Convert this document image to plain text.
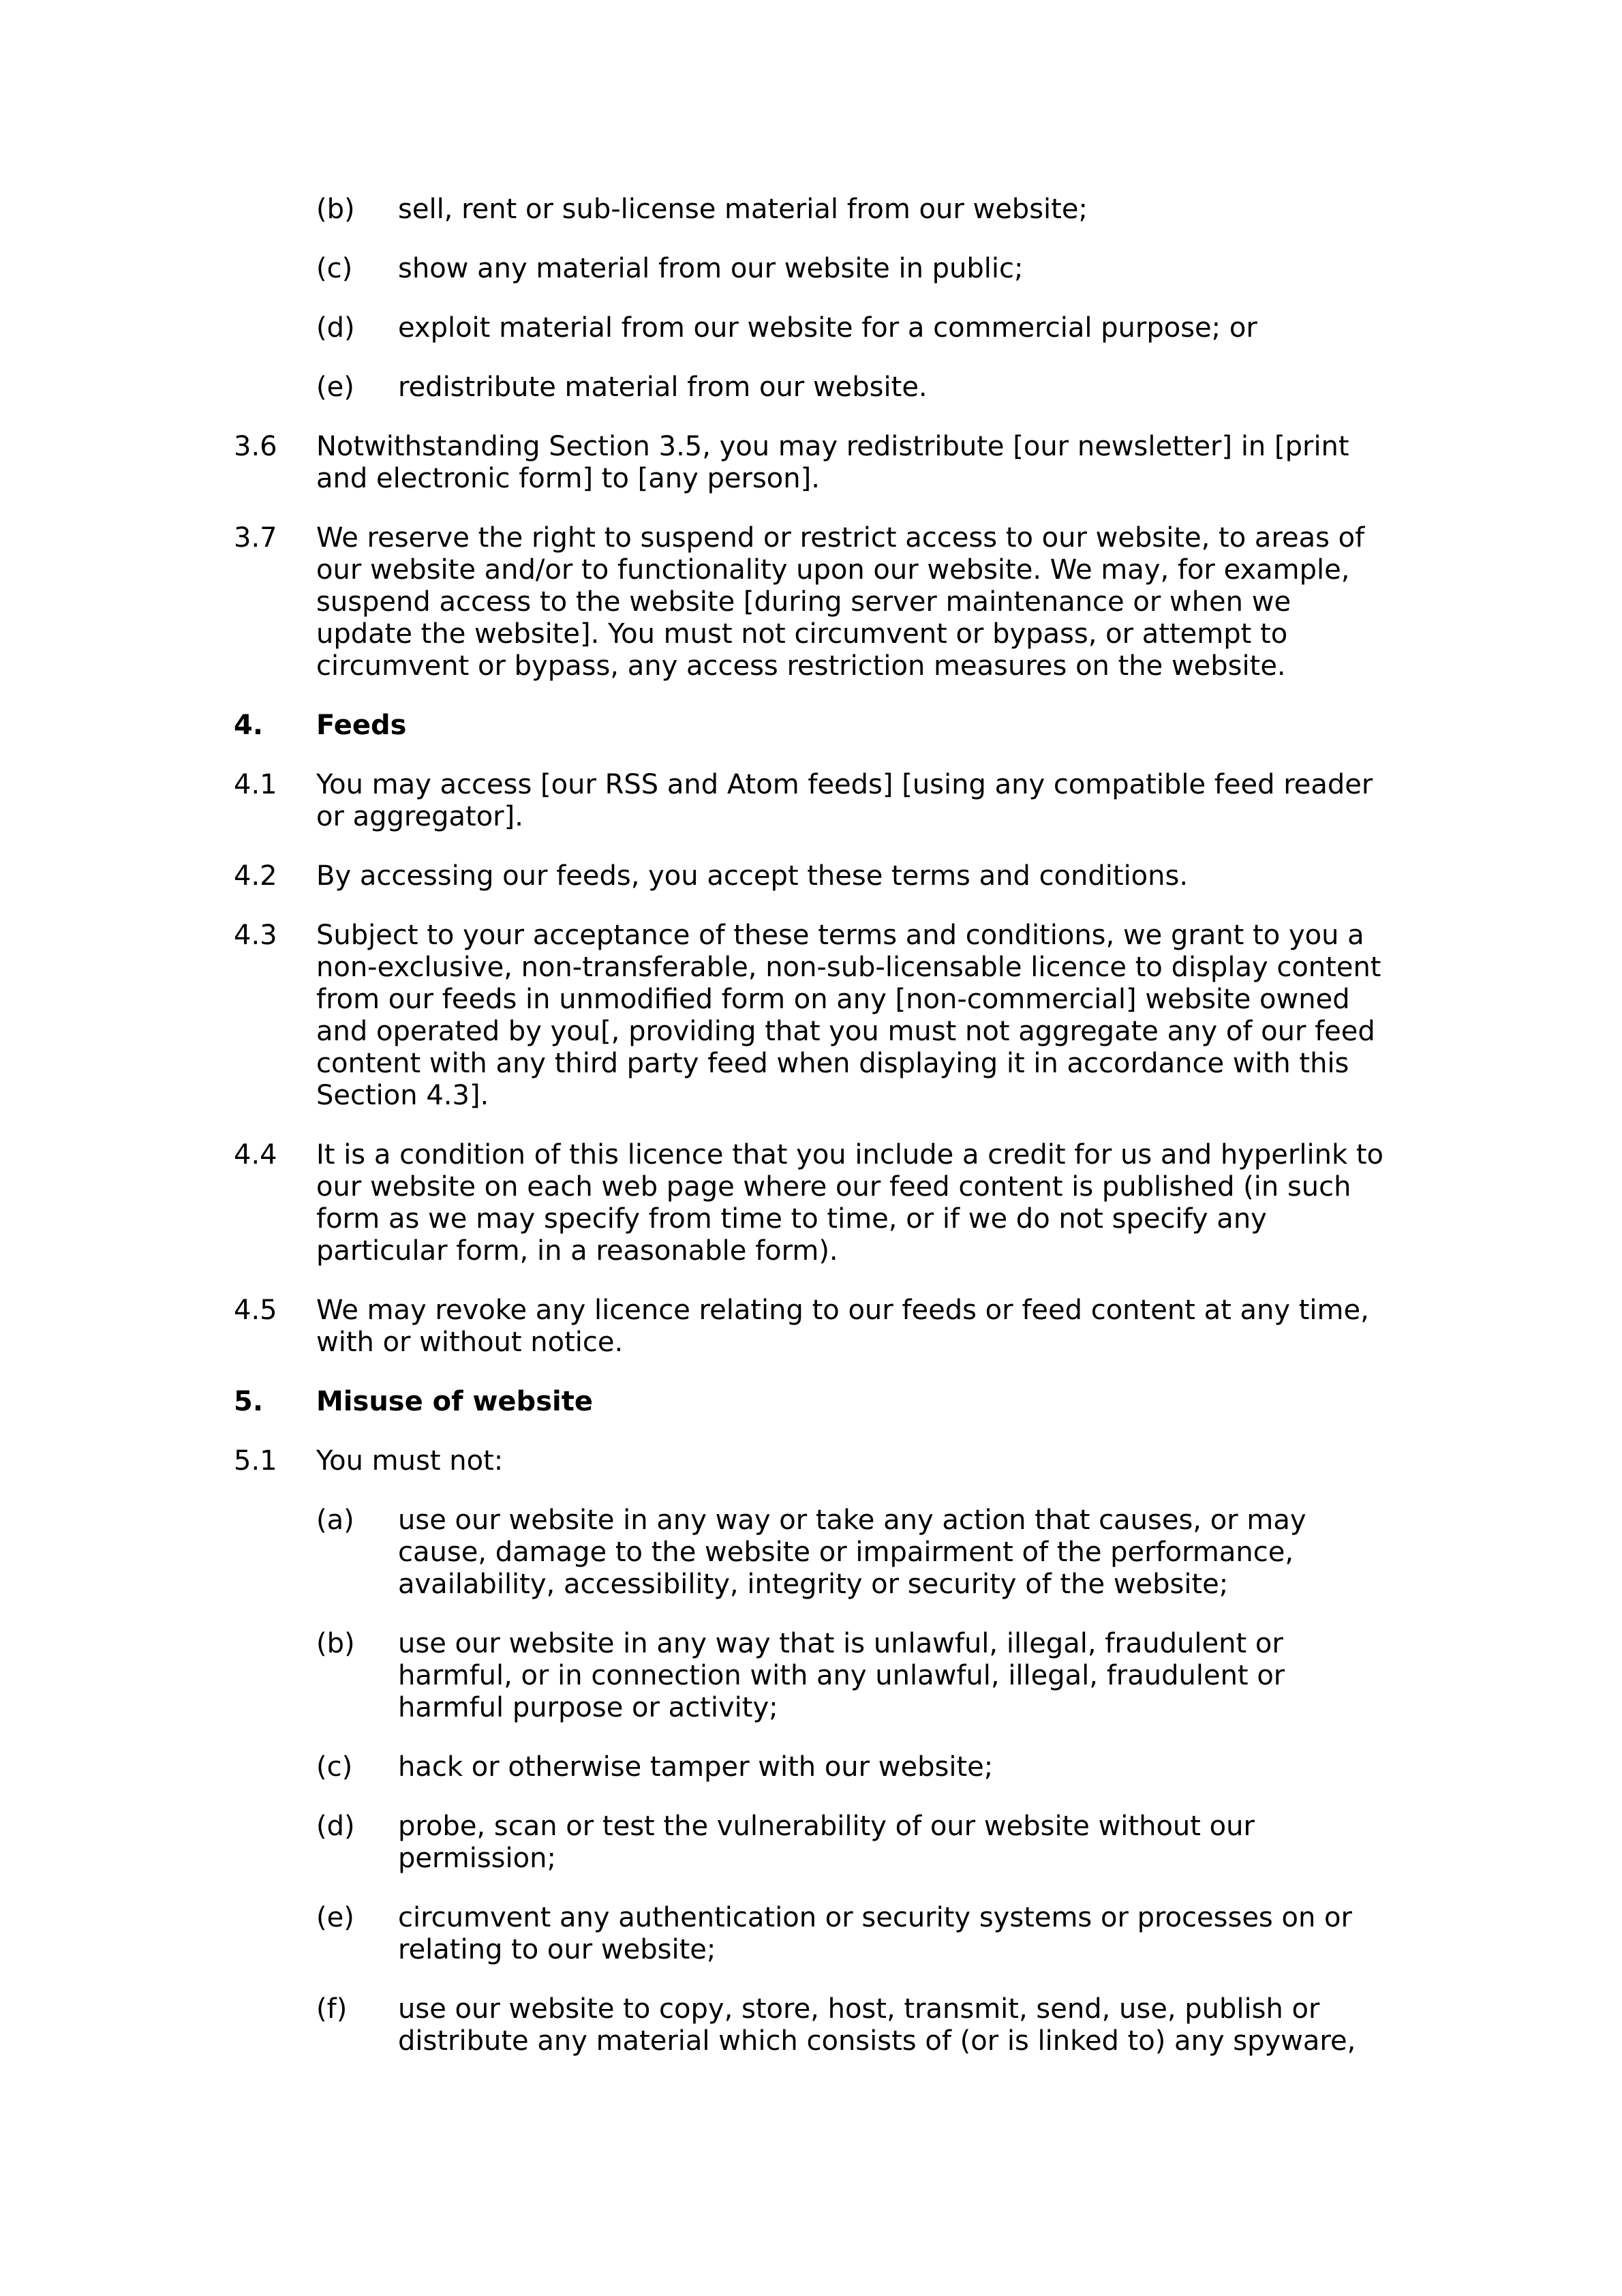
(b) sell, rent or sub-license material from our website;
(c) show any material from our website in public;
(d) exploit material from our website for a commercial purpose; or
(e) redistribute material from our website.
3.6 Notwithstanding Section 3.5, you may redistribute [our newsletter] in [print
and electronic form] to [any person].
3.7 We reserve the right to suspend or restrict access to our website, to areas of
our website and/or to functionality upon our website. We may, for example,
suspend access to the website [during server maintenance or when we
update the website]. You must not circumvent or bypass, or attempt to
circumvent or bypass, any access restriction measures on the website.
4. Feeds
4.1 You may access [our RSS and Atom feeds] [using any compatible feed reader
or aggregator].
4.2 By accessing our feeds, you accept these terms and conditions.
4.3 Subject to your acceptance of these terms and conditions, we grant to you a
non-exclusive, non-transferable, non-sub-licensable licence to display content
from our feeds in unmodified form on any [non-commercial] website owned
and operated by you[, providing that you must not aggregate any of our feed
content with any third party feed when displaying it in accordance with this
Section 4.3].
4.4 It is a condition of this licence that you include a credit for us and hyperlink to
our website on each web page where our feed content is published (in such
form as we may specify from time to time, or if we do not specify any
particular form, in a reasonable form).
4.5 We may revoke any licence relating to our feeds or feed content at any time,
with or without notice.
5. Misuse of website
5.1 You must not:
(a) use our website in any way or take any action that causes, or may
cause, damage to the website or impairment of the performance,
availability, accessibility, integrity or security of the website;
(b) use our website in any way that is unlawful, illegal, fraudulent or
harmful, or in connection with any unlawful, illegal, fraudulent or
harmful purpose or activity;
(c) hack or otherwise tamper with our website;
(d) probe, scan or test the vulnerability of our website without our
permission;
(e) circumvent any authentication or security systems or processes on or
relating to our website;
(f) use our website to copy, store, host, transmit, send, use, publish or
distribute any material which consists of (or is linked to) any spyware,
